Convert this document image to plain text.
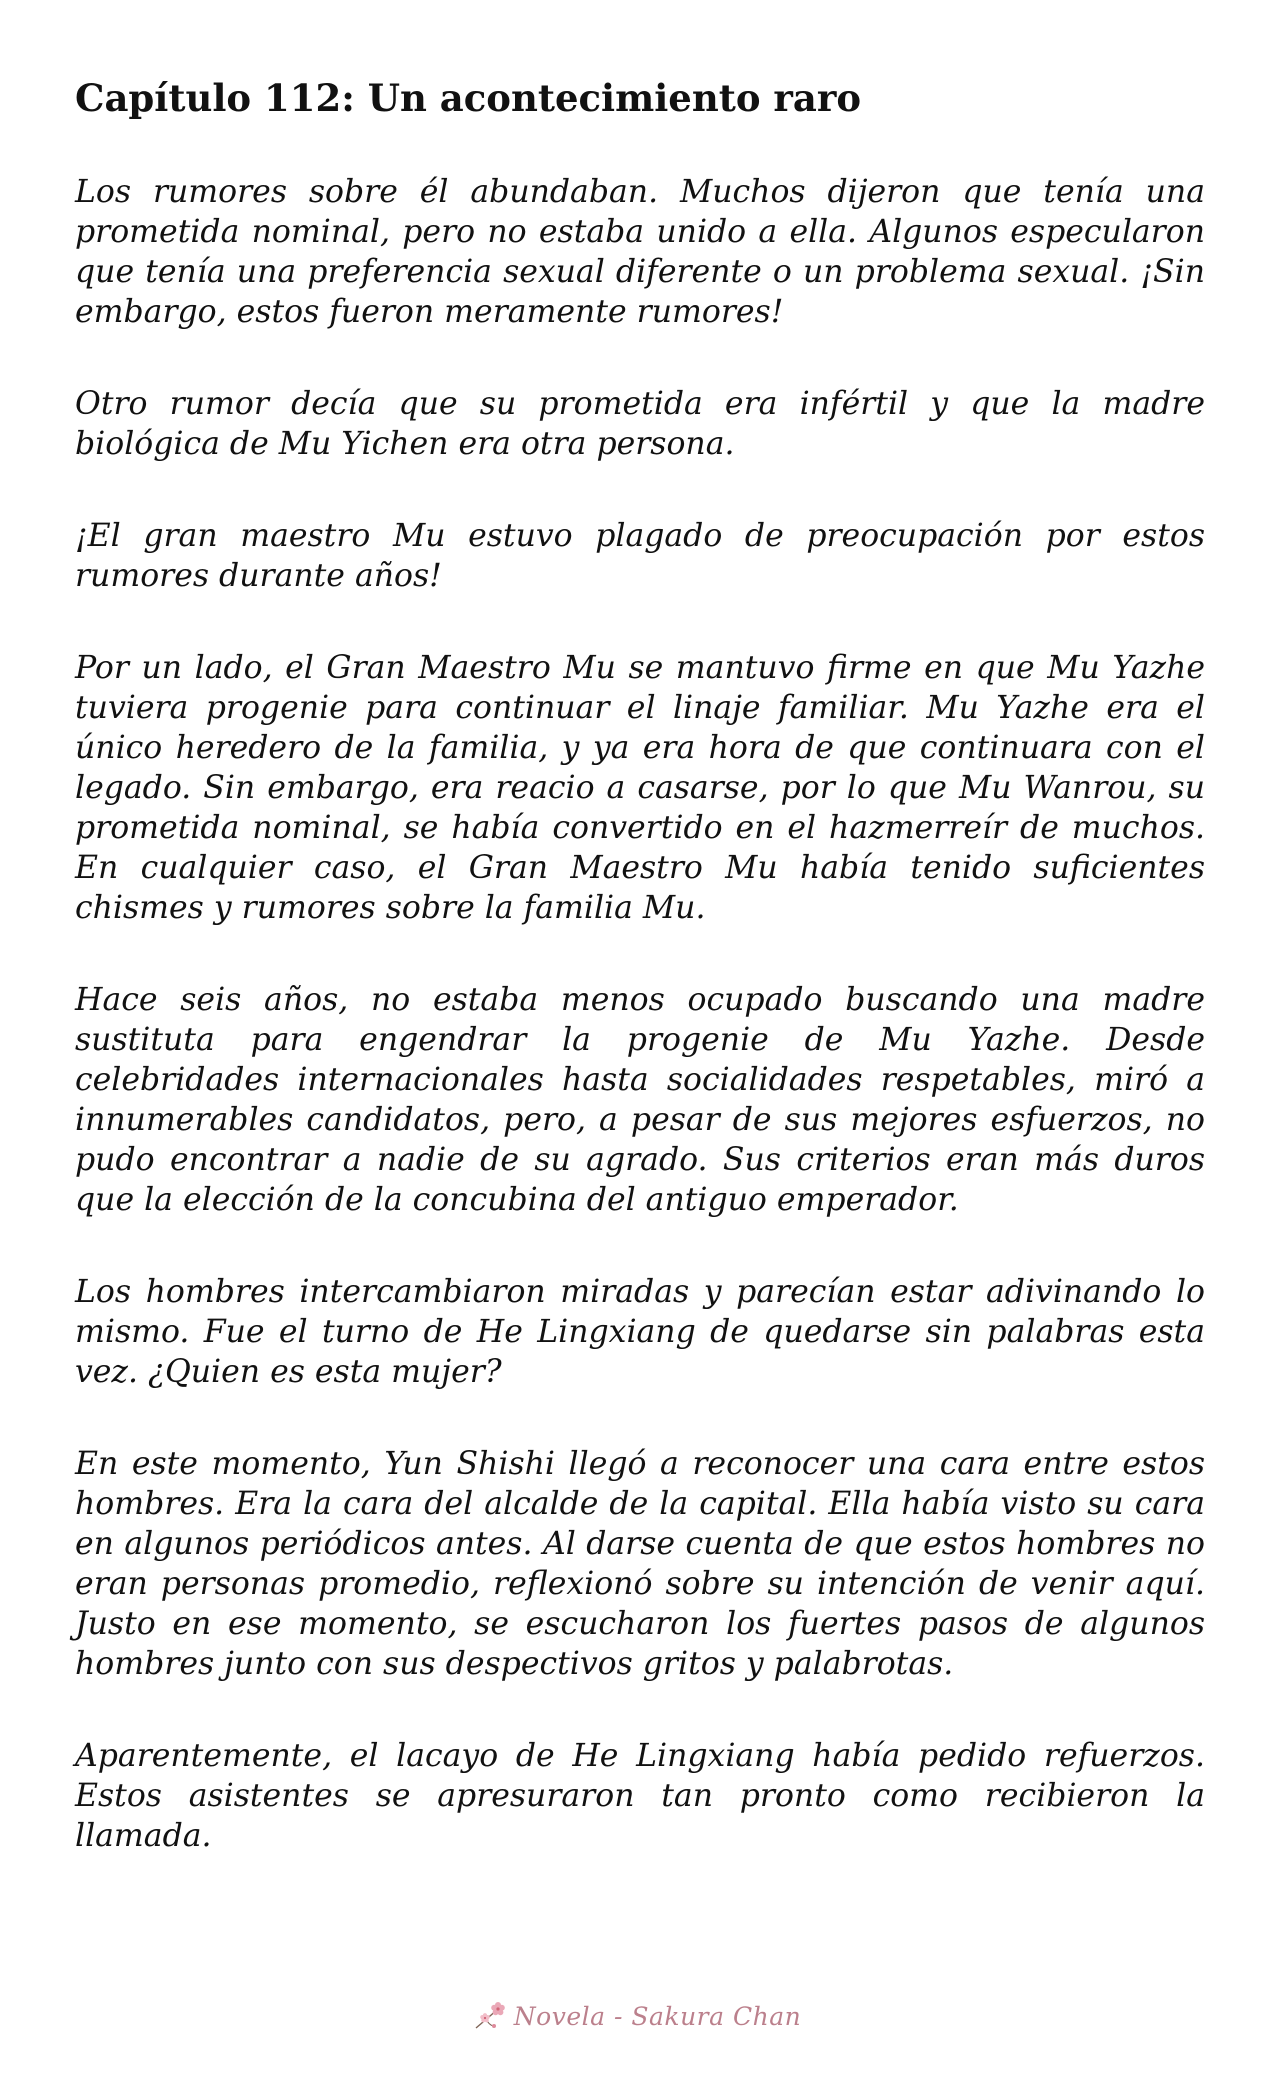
Capítulo 112: Un acontecimiento raro

Los rumores sobre él abundaban. Muchos dijeron que tenía una prometida nominal, pero no estaba unido a ella. Algunos especularon que tenía una preferencia sexual diferente o un problema sexual. ¡Sin embargo, estos fueron meramente rumores!

Otro rumor decía que su prometida era infértil y que la madre biológica de Mu Yichen era otra persona.

¡El gran maestro Mu estuvo plagado de preocupación por estos rumores durante años!

Por un lado, el Gran Maestro Mu se mantuvo firme en que Mu Yazhe tuviera progenie para continuar el linaje familiar. Mu Yazhe era el único heredero de la familia, y ya era hora de que continuara con el legado. Sin embargo, era reacio a casarse, por lo que Mu Wanrou, su prometida nominal, se había convertido en el hazmerreír de muchos. En cualquier caso, el Gran Maestro Mu había tenido suficientes chismes y rumores sobre la familia Mu.

Hace seis años, no estaba menos ocupado buscando una madre sustituta para engendrar la progenie de Mu Yazhe. Desde celebridades internacionales hasta socialidades respetables, miró a innumerables candidatos, pero, a pesar de sus mejores esfuerzos, no pudo encontrar a nadie de su agrado. Sus criterios eran más duros que la elección de la concubina del antiguo emperador.

Los hombres intercambiaron miradas y parecían estar adivinando lo mismo. Fue el turno de He Lingxiang de quedarse sin palabras esta vez. ¿Quien es esta mujer?

En este momento, Yun Shishi llegó a reconocer una cara entre estos hombres. Era la cara del alcalde de la capital. Ella había visto su cara en algunos periódicos antes. Al darse cuenta de que estos hombres no eran personas promedio, reflexionó sobre su intención de venir aquí. Justo en ese momento, se escucharon los fuertes pasos de algunos hombres junto con sus despectivos gritos y palabrotas.

Aparentemente, el lacayo de He Lingxiang había pedido refuerzos. Estos asistentes se apresuraron tan pronto como recibieron la llamada.

Novela - Sakura Chan
